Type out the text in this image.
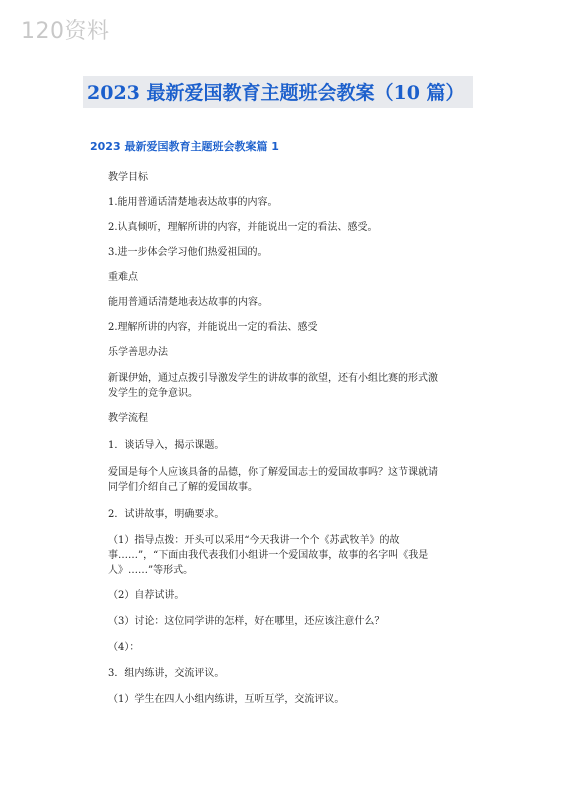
120资料
2023 最新爱国教育主题班会教案（10 篇）
2023 最新爱国教育主题班会教案篇 1

教学目标

1.能用普通话清楚地表达故事的内容。

2.认真倾听，理解所讲的内容，并能说出一定的看法、感受。

3.进一步体会学习他们热爱祖国的。

重难点

能用普通话清楚地表达故事的内容。

2.理解所讲的内容，并能说出一定的看法、感受

乐学善思办法

新课伊始，通过点拨引导激发学生的讲故事的欲望，还有小组比赛的形式激发学生的竞争意识。

教学流程

1．谈话导入，揭示课题。

爱国是每个人应该具备的品德，你了解爱国志士的爱国故事吗？这节课就请同学们介绍自己了解的爱国故事。

2．试讲故事，明确要求。

（1）指导点拨：开头可以采用“今天我讲一个个《苏武牧羊》的故事……”，“下面由我代表我们小组讲一个爱国故事，故事的名字叫《我是人》……”等形式。

（2）自荐试讲。

（3）讨论：这位同学讲的怎样，好在哪里，还应该注意什么？

（4）：

3．组内练讲，交流评议。

（1）学生在四人小组内练讲，互听互学，交流评议。
